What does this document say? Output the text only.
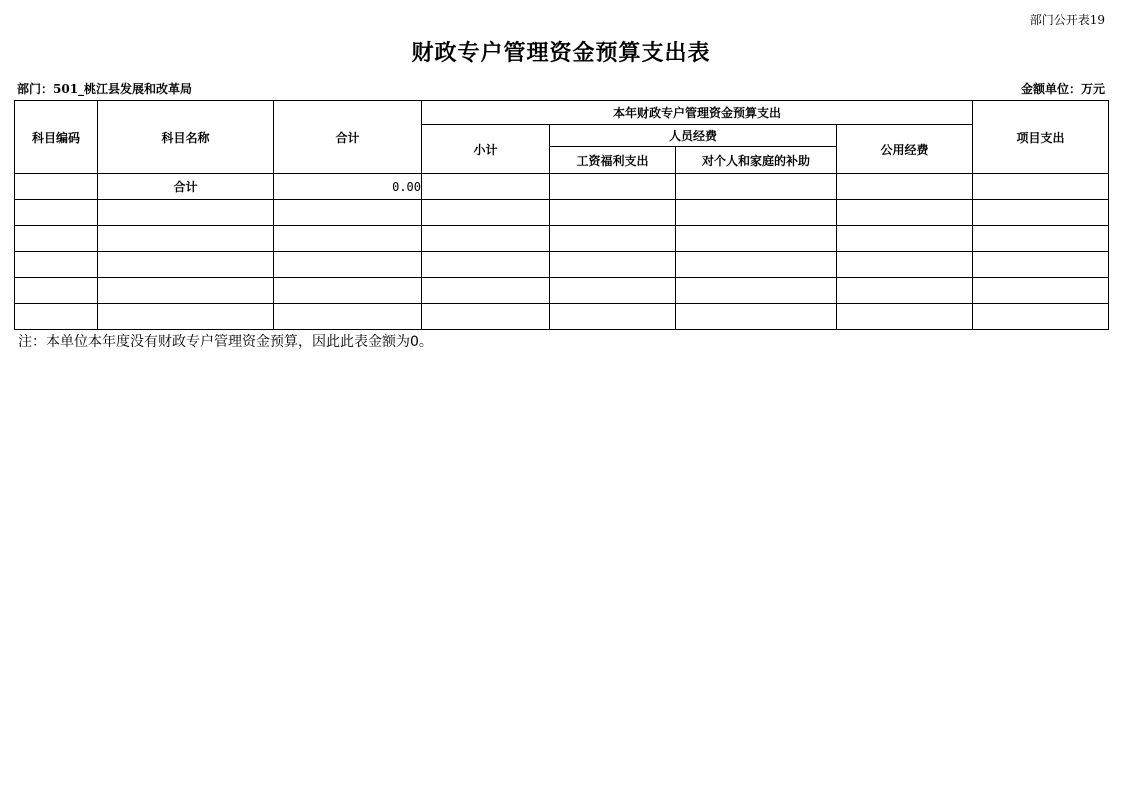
部门公开表19
财政专户管理资金预算支出表
部门：501_桃江县发展和改革局	金额单位：万元
科目编码	科目名称	合计	本年财政专户管理资金预算支出				项目支出
			小计	人员经费		公用经费	
				工资福利支出	对个人和家庭的补助		
	合计	0.00					

注：本单位本年度没有财政专户管理资金预算，因此此表金额为0。
